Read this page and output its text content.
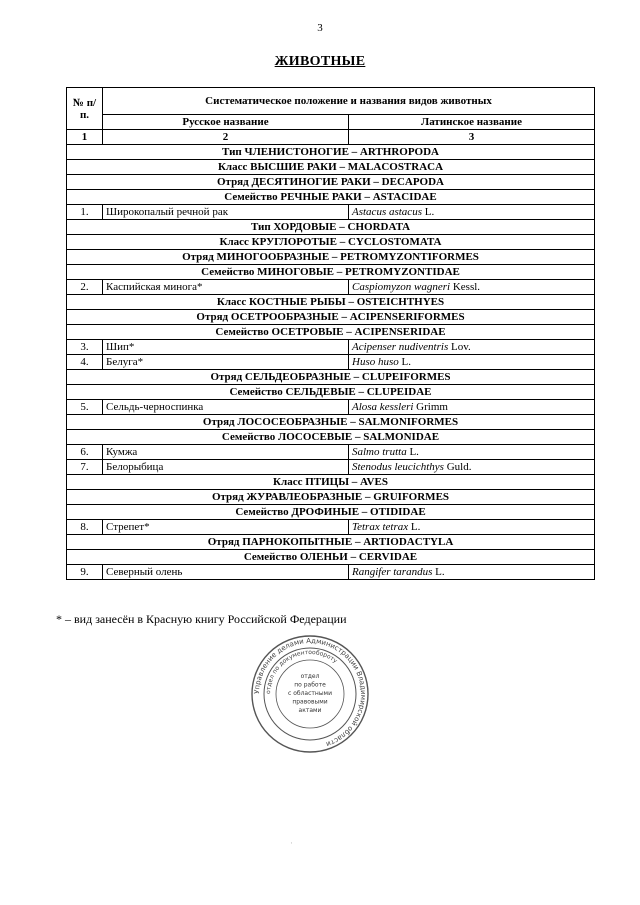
3
ЖИВОТНЫЕ
№ п/п.	Систематическое положение и названия видов животных	
	Русское название	Латинское название
1	2	3
Тип ЧЛЕНИСТОНОГИЕ – ARTHROPODA		
Класс ВЫСШИЕ РАКИ – MALACOSTRACA		
Отряд ДЕСЯТИНОГИЕ РАКИ – DECAPODA		
Семейство РЕЧНЫЕ РАКИ – ASTACIDAE		
1.	Широкопалый речной рак	Astacus astacus L.
Тип ХОРДОВЫЕ – CHORDATA		
Класс КРУГЛОРОТЫЕ – CYCLOSTOMATA		
Отряд МИНОГООБРАЗНЫЕ – PETROMYZONTIFORMES		
Семейство МИНОГОВЫЕ – PETROMYZONTIDAE		
2.	Каспийская минога*	Caspiomyzon wagneri Kessl.
Класс КОСТНЫЕ РЫБЫ – OSTEICHTHYES		
Отряд ОСЕТРООБРАЗНЫЕ – ACIPENSERIFORMES		
Семейство ОСЕТРОВЫЕ – ACIPENSERIDAE		
3.	Шип*	Acipenser nudiventris Lov.
4.	Белуга*	Huso huso L.
Отряд СЕЛЬДЕОБРАЗНЫЕ – CLUPEIFORMES		
Семейство СЕЛЬДЕВЫЕ – CLUPEIDAE		
5.	Сельдь-черноспинка	Alosa kessleri Grimm
Отряд ЛОСОСЕОБРАЗНЫЕ – SALMONIFORMES		
Семейство ЛОСОСЕВЫЕ – SALMONIDAE		
6.	Кумжа	Salmo trutta L.
7.	Белорыбица	Stenodus leucichthys Guld.
Класс ПТИЦЫ – AVES		
Отряд ЖУРАВЛЕОБРАЗНЫЕ – GRUIFORMES		
Семейство ДРОФИНЫЕ – OTIDIDAE		
8.	Стрепет*	Tetrax tetrax L.
Отряд ПАРНОКОПЫТНЫЕ – ARTIODACTYLA		
Семейство ОЛЕНЬИ – CERVIDAE		
9.	Северный олень	Rangifer tarandus L.
* – вид занесён в Красную книгу Российской Федерации
Управление делами Администрации Владимирской области
отдел по документообороту
отдел
по работе
с областными
правовыми
актами
·
